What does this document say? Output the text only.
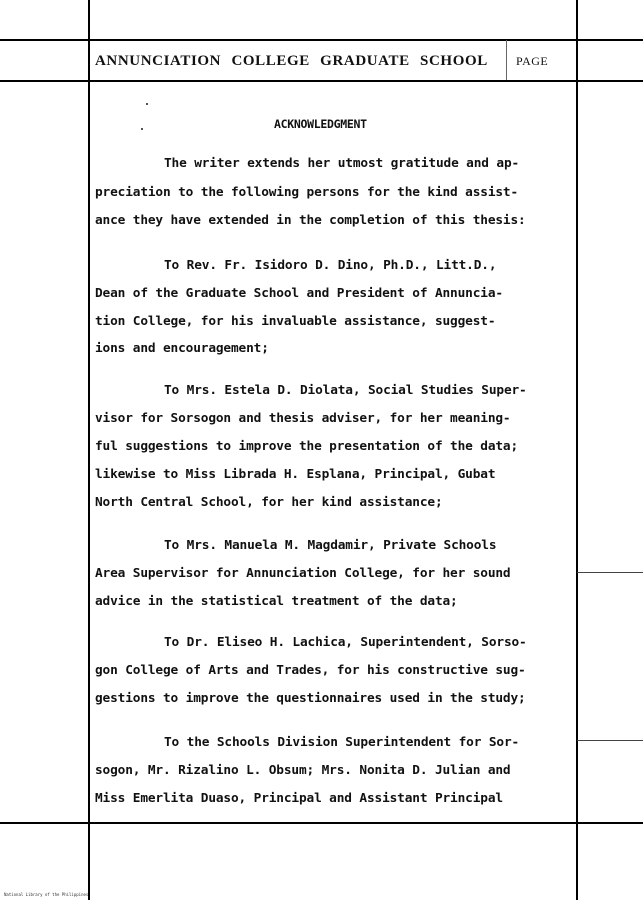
ANNUNCIATION COLLEGE GRADUATE SCHOOL PAGE
ACKNOWLEDGMENT
The writer extends her utmost gratitude and ap-
preciation to the following persons for the kind assist-
ance they have extended in the completion of this thesis:
To Rev. Fr. Isidoro D. Dino, Ph.D., Litt.D.,
Dean of the Graduate School and President of Annuncia-
tion College, for his invaluable assistance, suggest-
ions and encouragement;
To Mrs. Estela D. Diolata, Social Studies Super-
visor for Sorsogon and thesis adviser, for her meaning-
ful suggestions to improve the presentation of the data;
likewise to Miss Librada H. Esplana, Principal, Gubat
North Central School, for her kind assistance;
To Mrs. Manuela M. Magdamir, Private Schools
Area Supervisor for Annunciation College, for her sound
advice in the statistical treatment of the data;
To Dr. Eliseo H. Lachica, Superintendent, Sorso-
gon College of Arts and Trades, for his constructive sug-
gestions to improve the questionnaires used in the study;
To the Schools Division Superintendent for Sor-
sogon, Mr. Rizalino L. Obsum; Mrs. Nonita D. Julian and
Miss Emerlita Duaso, Principal and Assistant Principal
National Library of the Philippines
